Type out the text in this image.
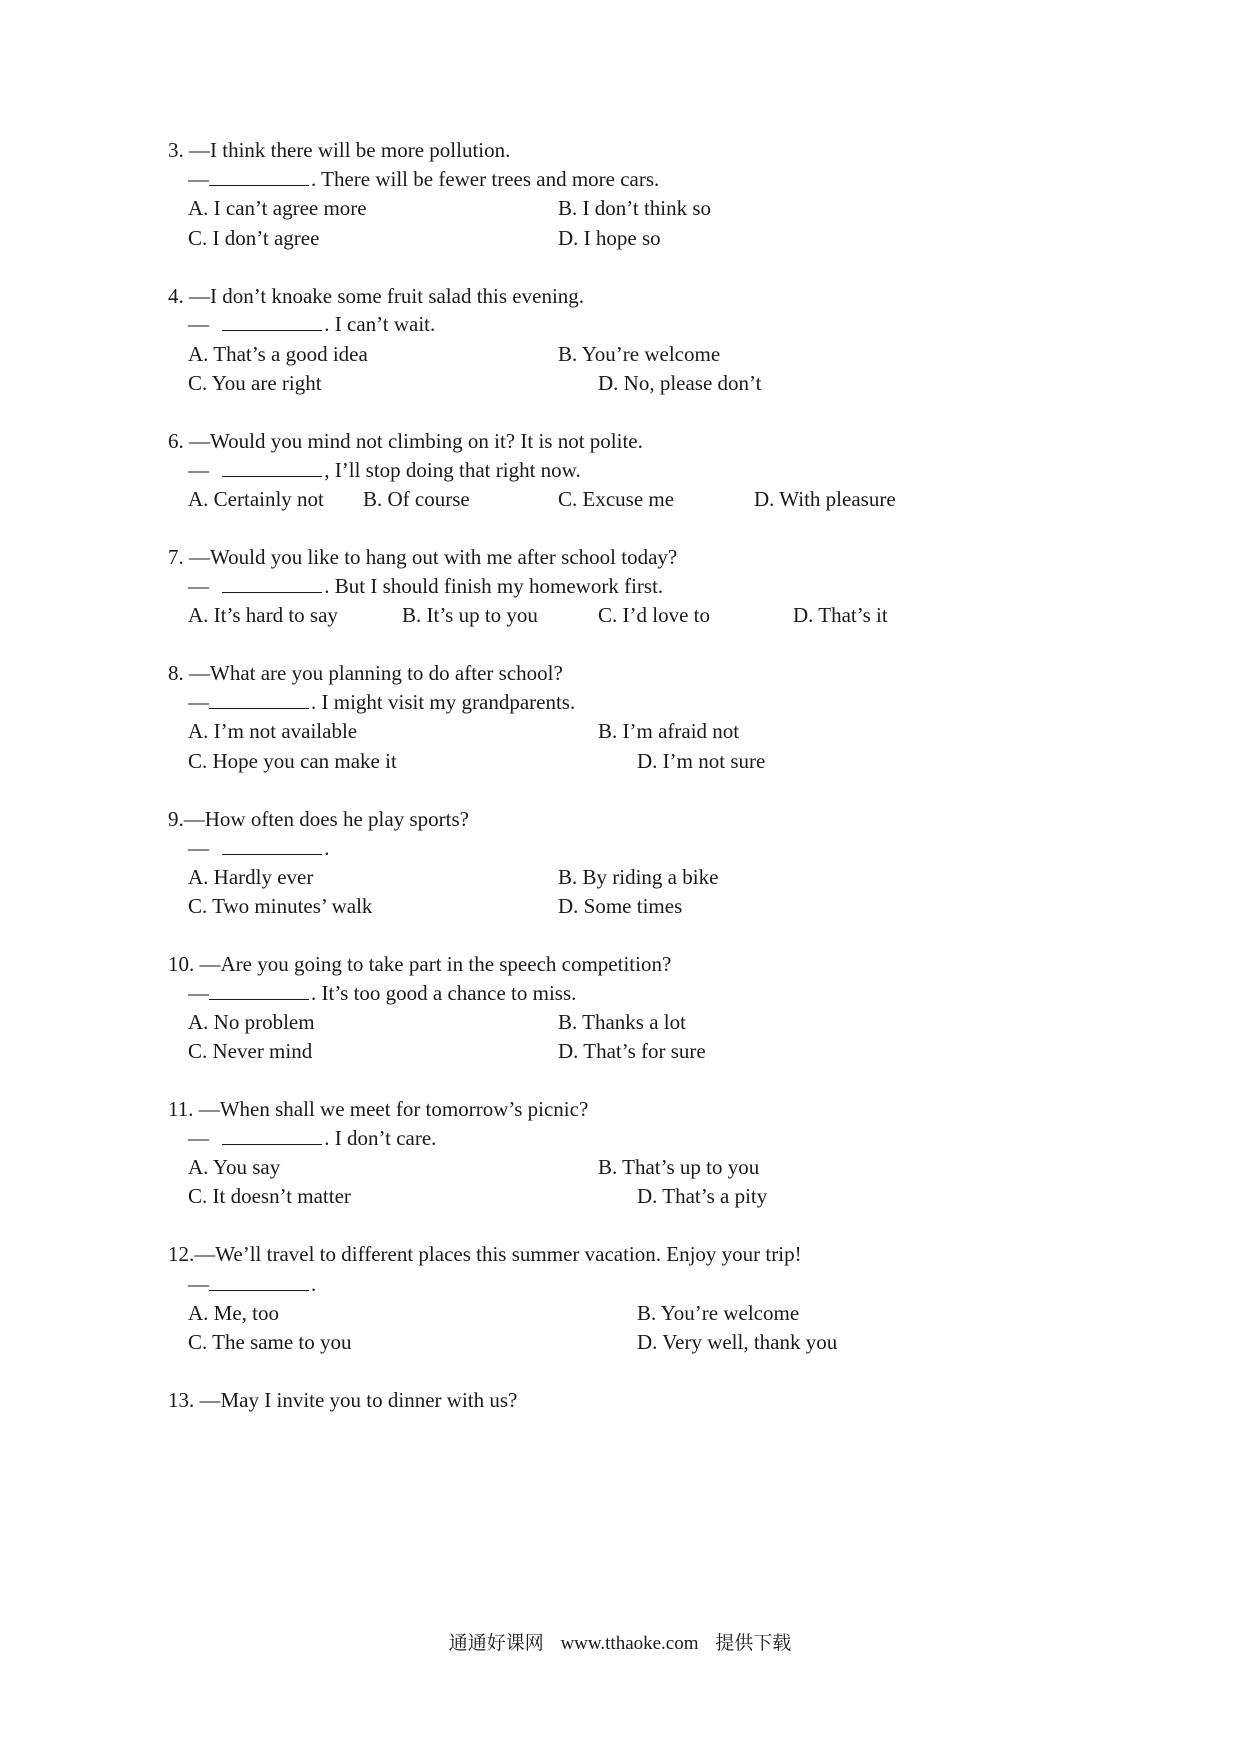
3. —I think there will be more pollution.
—	. There will be fewer trees and more cars.
A. I can’t agree more	B. I don’t think so
C. I don’t agree	D. I hope so
4. —I don’t knoake some fruit salad this evening.
—	. I can’t wait.
A. That’s a good idea	B. You’re welcome
C. You are right	D. No, please don’t
6. —Would you mind not climbing on it? It is not polite.
—	, I’ll stop doing that right now.
A. Certainly not B. Of course	C. Excuse me	D. With pleasure
7. —Would you like to hang out with me after school today?
—	. But I should finish my homework first.
A. It’s hard to say	B. It’s up to you	C. I’d love to	D. That’s it
8. —What are you planning to do after school?
—	. I might visit my grandparents.
A. I’m not available	B. I’m afraid not
C. Hope you can make it	D. I’m not sure
9.—How often does he play sports?
—	.
A. Hardly ever	B. By riding a bike
C. Two minutes’ walk	D. Some times
10. —Are you going to take part in the speech competition?
—	. It’s too good a chance to miss.
A. No problem	B. Thanks a lot
C. Never mind	D. That’s for sure
11. —When shall we meet for tomorrow’s picnic?
—	. I don’t care.
A. You say	B. That’s up to you
C. It doesn’t matter	D. That’s a pity
12.—We’ll travel to different places this summer vacation. Enjoy your trip!
—	.
A. Me, too	B. You’re welcome
C. The same to you	D. Very well, thank you
13. —May I invite you to dinner with us?
通通好课网 www.tthaoke.com 提供下载
